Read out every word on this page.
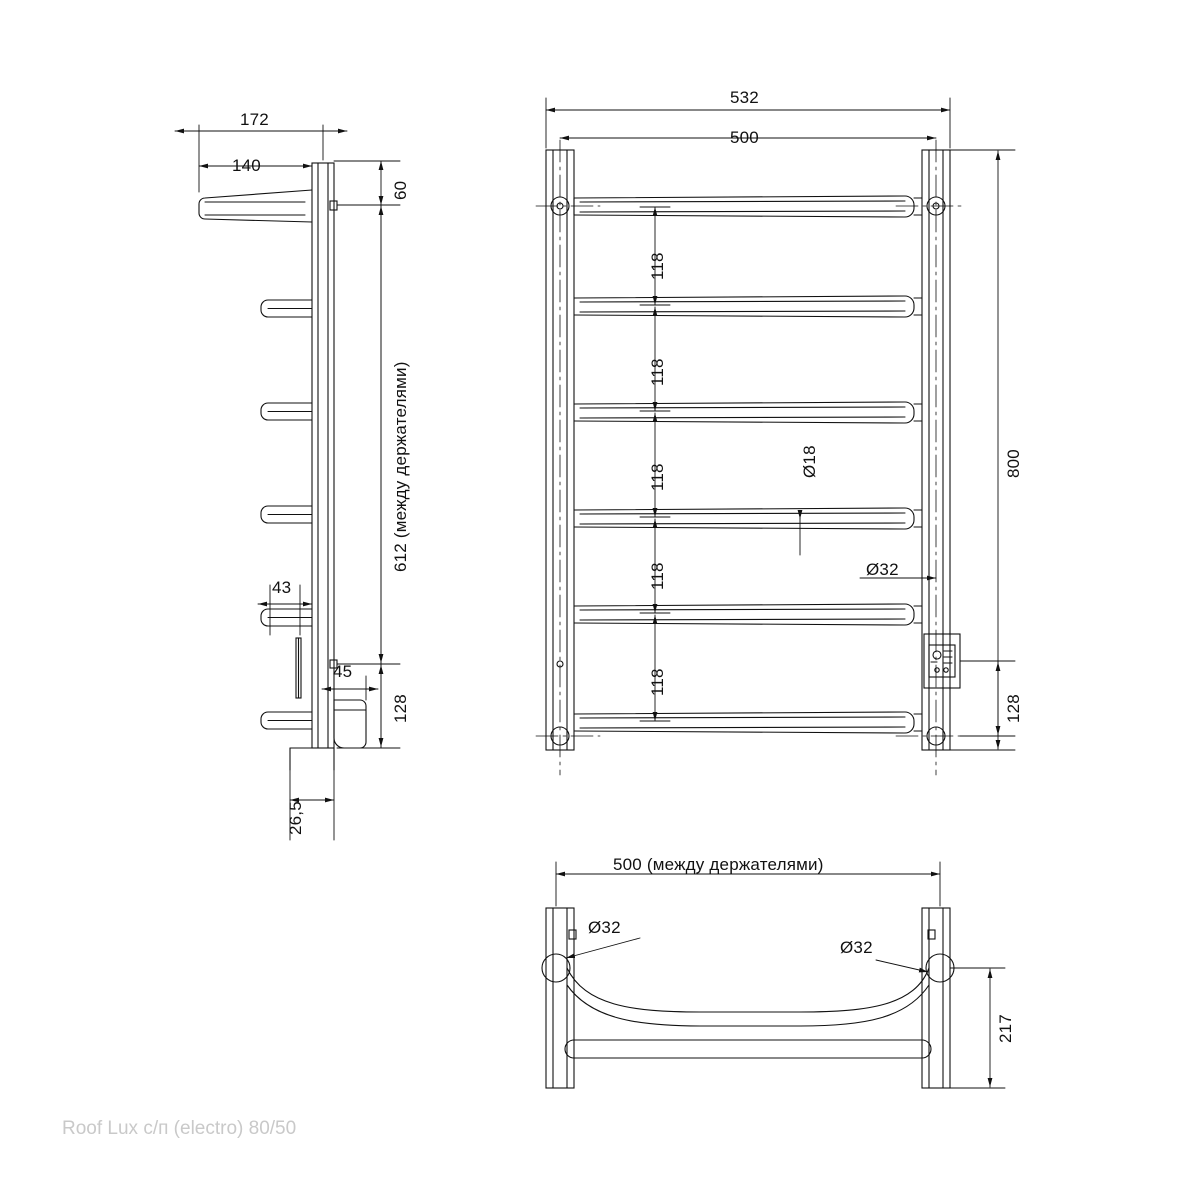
172
140
60
612 (между держателями)
43
45
128
26,5
532
500
118
118
118
118
118
800
128
Ø18
Ø32
500 (между держателями)
Ø32
Ø32
217
Roof Lux с/п (electro) 80/50
